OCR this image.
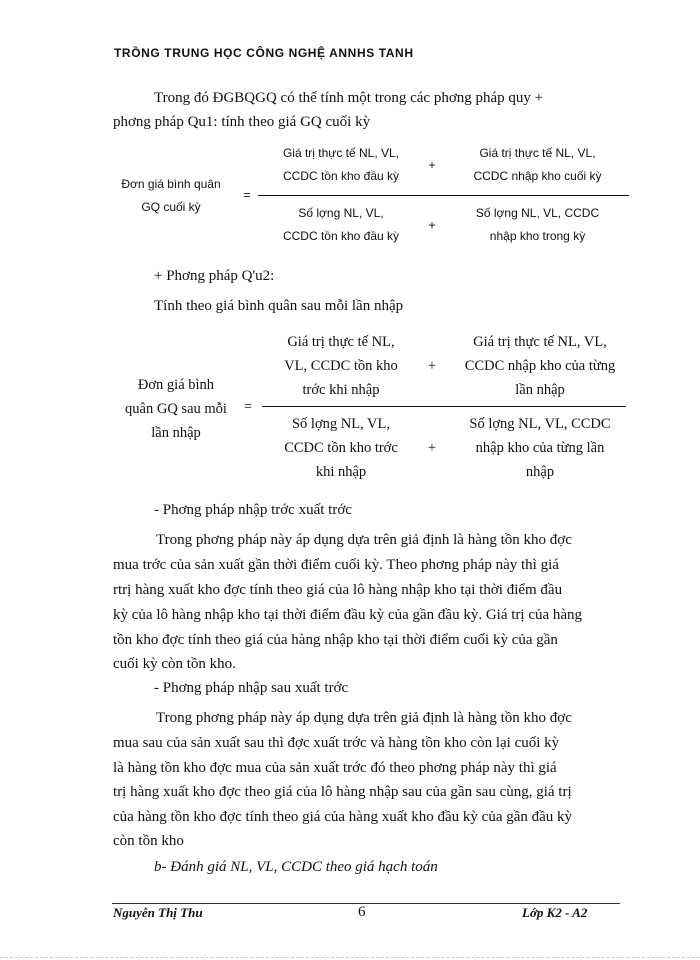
TRỒNG TRUNG HỌC CÔNG NGHỆ ANNHS TANH
Trong đó ĐGBQGQ có thể tính một trong các phơng pháp quy +
phơng pháp Qu1: tính theo giá GQ cuối kỳ
Đơn giá bình quân
GQ cuối kỳ
=
Giá trị thực tế NL, VL,
CCDC tồn kho đầu kỳ
+
Giá trị thực tế NL, VL,
CCDC nhập kho cuối kỳ
Số lợng NL, VL,
CCDC tồn kho đầu kỳ
+
Số lợng NL, VL, CCDC
nhập kho trong kỳ
+ Phơng pháp Q'u2:
Tính theo giá bình quân sau mỗi lần nhập
Đơn giá bình
quân GQ sau mỗi
lần nhập
=
Giá trị thực tế NL,
VL, CCDC tồn kho
trớc khi nhập
+
Giá trị thực tế NL, VL,
CCDC nhập kho của từng
lần nhập
Số lợng NL, VL,
CCDC tồn kho trớc
khi nhập
+
Số lợng NL, VL, CCDC
nhập kho của từng lần
nhập
- Phơng pháp nhập trớc xuất trớc
Trong phơng pháp này áp dụng dựa trên giả định là hàng tồn kho đợc
mua trớc của sản xuất gần thời điểm cuối kỳ. Theo phơng pháp này thì giá
rtrị hàng xuất kho đợc tính theo giá của lô hàng nhập kho tại thời điểm đầu
kỳ của lô hàng nhập kho tại thời điểm đầu kỳ của gần đầu kỳ. Giá trị của hàng
tồn kho đợc tính theo giá của hàng nhập kho tại thời điểm cuối kỳ của gần
cuối kỳ còn tồn kho.
- Phơng pháp nhập sau xuất trớc
Trong phơng pháp này áp dụng dựa trên giả định là hàng tồn kho đợc
mua sau của sản xuất sau thì đợc xuất trớc và hàng tồn kho còn lại cuối kỳ
là hàng tồn kho đợc mua của sản xuất trớc đó theo phơng pháp này thì giá
trị hàng xuất kho đợc theo giá của lô hàng nhập sau của gần sau cùng, giá trị
của hàng tồn kho đợc tính theo giá của hàng xuất kho đầu kỳ của gần đầu kỳ
còn tồn kho
b- Đánh giá NL, VL, CCDC theo giá hạch toán
Nguyễn Thị Thu	6	Lớp K2 - A2
